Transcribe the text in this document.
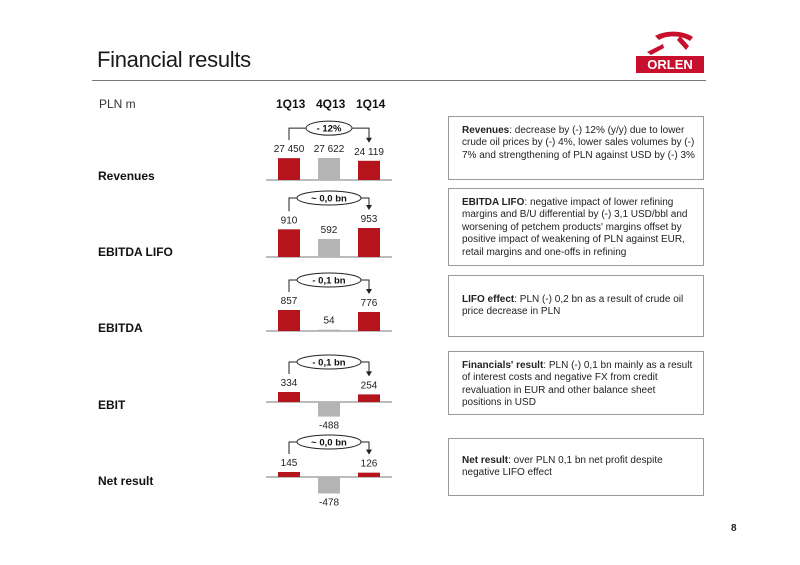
Financial results	ORLEN
PLN m	1Q13 4Q13 1Q14
Revenues
EBITDA LIFO
EBITDA
EBIT
Net result
27 450 27 622 24 119
- 12%
910
592
953
~ 0,0 bn
857
54
776
- 0,1 bn
334
-488
254
- 0,1 bn
145
-478
126
~ 0,0 bn
Revenues: decrease by (-) 12% (y/y) due to lower crude oil prices by (-) 4%, lower sales volumes by (-) 7% and strengthening of PLN against USD by (-) 3%
EBITDA LIFO: negative impact of lower refining margins and B/U differential by (-) 3,1 USD/bbl and worsening of petchem products' margins offset by positive impact of weakening of PLN against EUR, retail margins and one-offs in refining
LIFO effect: PLN (-) 0,2 bn as a result of crude oil price decrease in PLN
Financials' result: PLN (-) 0,1 bn mainly as a result of interest costs and negative FX from credit revaluation in EUR and other balance sheet positions in USD
Net result: over PLN 0,1 bn net profit despite negative LIFO effect
8
